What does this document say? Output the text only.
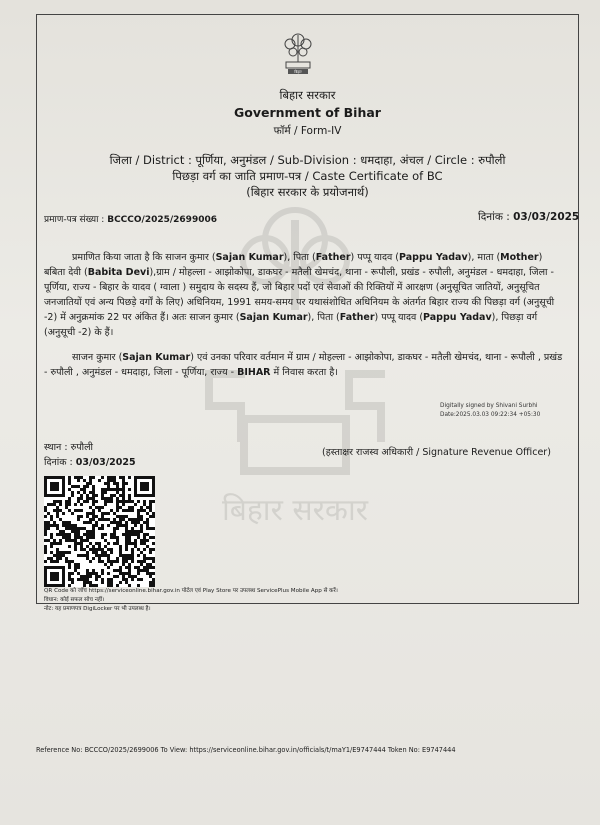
बिहार सरकार
बिहार
बिहार सरकार
Government of Bihar
फॉर्म / Form-IV
जिला / District : पूर्णिया, अनुमंडल / Sub-Division : धमदाहा, अंचल / Circle : रुपौली
पिछड़ा वर्ग का जाति प्रमाण-पत्र / Caste Certificate of BC
(बिहार सरकार के प्रयोजनार्थ)
प्रमाण-पत्र संख्या : BCCCO/2025/2699006	दिनांक : 03/03/2025
प्रमाणित किया जाता है कि साजन कुमार (Sajan Kumar), पिता (Father) पप्पू यादव (Pappu Yadav), माता (Mother) बबिता देवी (Babita Devi),ग्राम / मोहल्ला - आझोकोपा, डाकघर - मतैली खेमचंद, थाना - रूपौली, प्रखंड - रुपौली, अनुमंडल - धमदाहा, जिला - पूर्णिया, राज्य - बिहार के यादव ( ग्वाला ) समुदाय के सदस्य हैं, जो बिहार पदों एवं सेवाओं की रिक्तियों में आरक्षण (अनुसूचित जातियों, अनुसूचित जनजातियों एवं अन्य पिछड़े वर्गों के लिए) अधिनियम, 1991 समय-समय पर यथासंशोधित अधिनियम के अंतर्गत बिहार राज्य की पिछड़ा वर्ग (अनुसूची -2) में अनुक्रमांक 22 पर अंकित हैं। अतः साजन कुमार (Sajan Kumar), पिता (Father) पप्पू यादव (Pappu Yadav), पिछड़ा वर्ग (अनुसूची -2) के हैं।
साजन कुमार (Sajan Kumar) एवं उनका परिवार वर्तमान में ग्राम / मोहल्ला - आझोकोपा, डाकघर - मतैली खेमचंद, थाना - रूपौली , प्रखंड - रुपौली , अनुमंडल - धमदाहा, जिला - पूर्णिया, राज्य - BIHAR में निवास करता है।
Digitally signed by Shivani Surbhi
Date:2025.03.03 09:22:34 +05:30
स्थान : रुपौली
दिनांक : 03/03/2025
(हस्ताक्षर राजस्व अधिकारी / Signature Revenue Officer)
QR Code को जाँच https://serviceonline.bihar.gov.in पोर्टल एवं Play Store पर उपलब्ध ServicePlus Mobile App से करें।
विधान: कोई सफल सोच नहीं।
नोट: यह प्रमाणपत्र DigiLocker पर भी उपलब्ध है।
Reference No: BCCCO/2025/2699006 To View: https://serviceonline.bihar.gov.in/officials/t/maY1/E9747444 Token No: E9747444
